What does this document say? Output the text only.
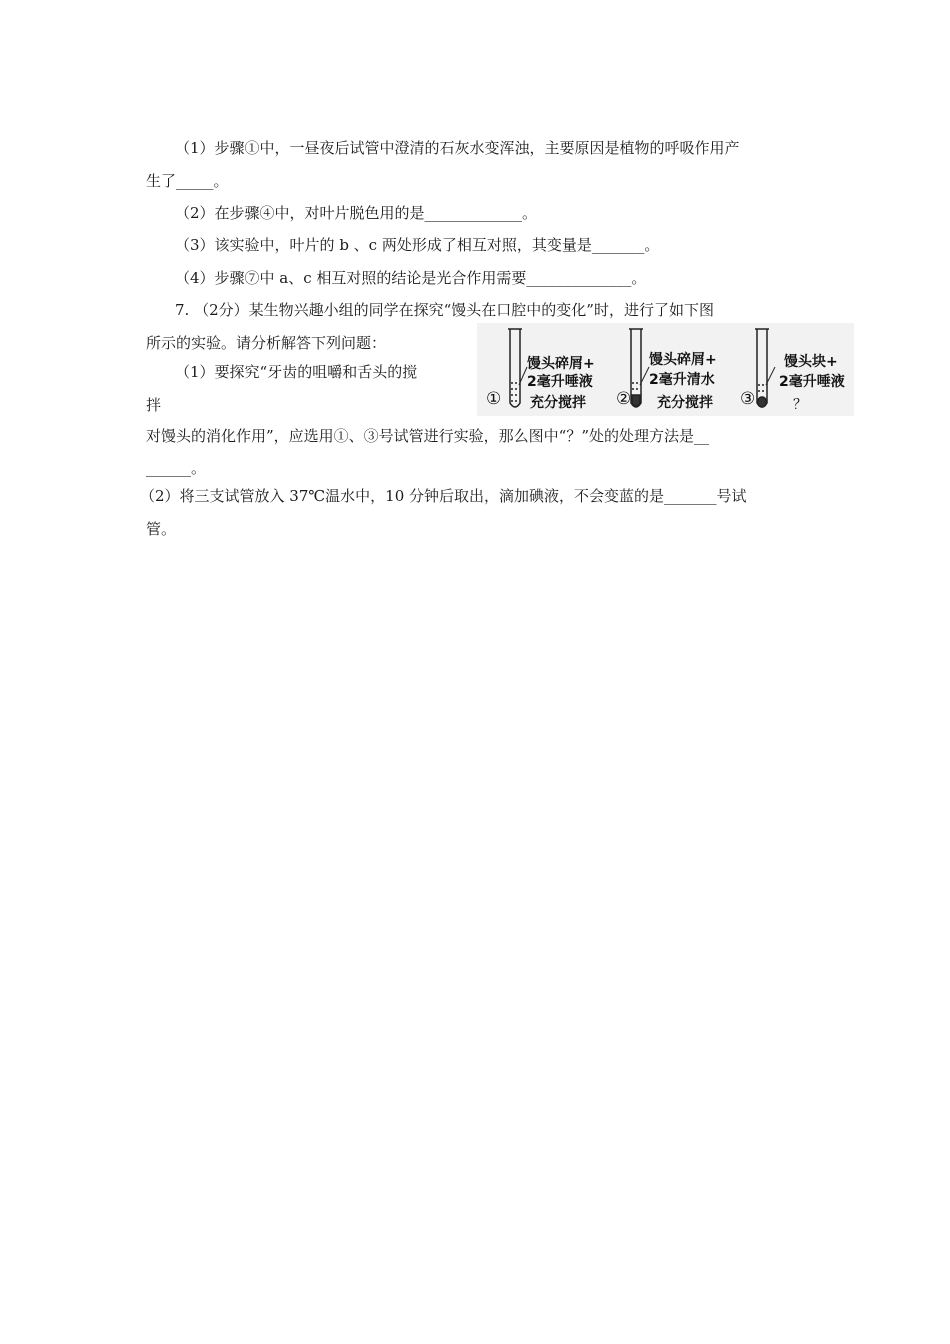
（1）步骤①中，一昼夜后试管中澄清的石灰水变浑浊，主要原因是植物的呼吸作用产
生了_____。
（2）在步骤④中，对叶片脱色用的是_____________。
（3）该实验中，叶片的 b 、c 两处形成了相互对照，其变量是_______。
（4）步骤⑦中 a、c 相互对照的结论是光合作用需要______________。
7. （2分）某生物兴趣小组的同学在探究“馒头在口腔中的变化”时，进行了如下图
所示的实验。请分析解答下列问题：
（1）要探究“牙齿的咀嚼和舌头的搅
拌
对馒头的消化作用”，应选用①、③号试管进行实验，那么图中“？”处的处理方法是__
______。
（2）将三支试管放入 37℃温水中，10 分钟后取出，滴加碘液，不会变蓝的是_______号试
管。
①
馒头碎屑+
2毫升唾液
充分搅拌 ②
馒头碎屑+
2毫升清水
充分搅拌 ③
馒头块+
2毫升唾液
？
